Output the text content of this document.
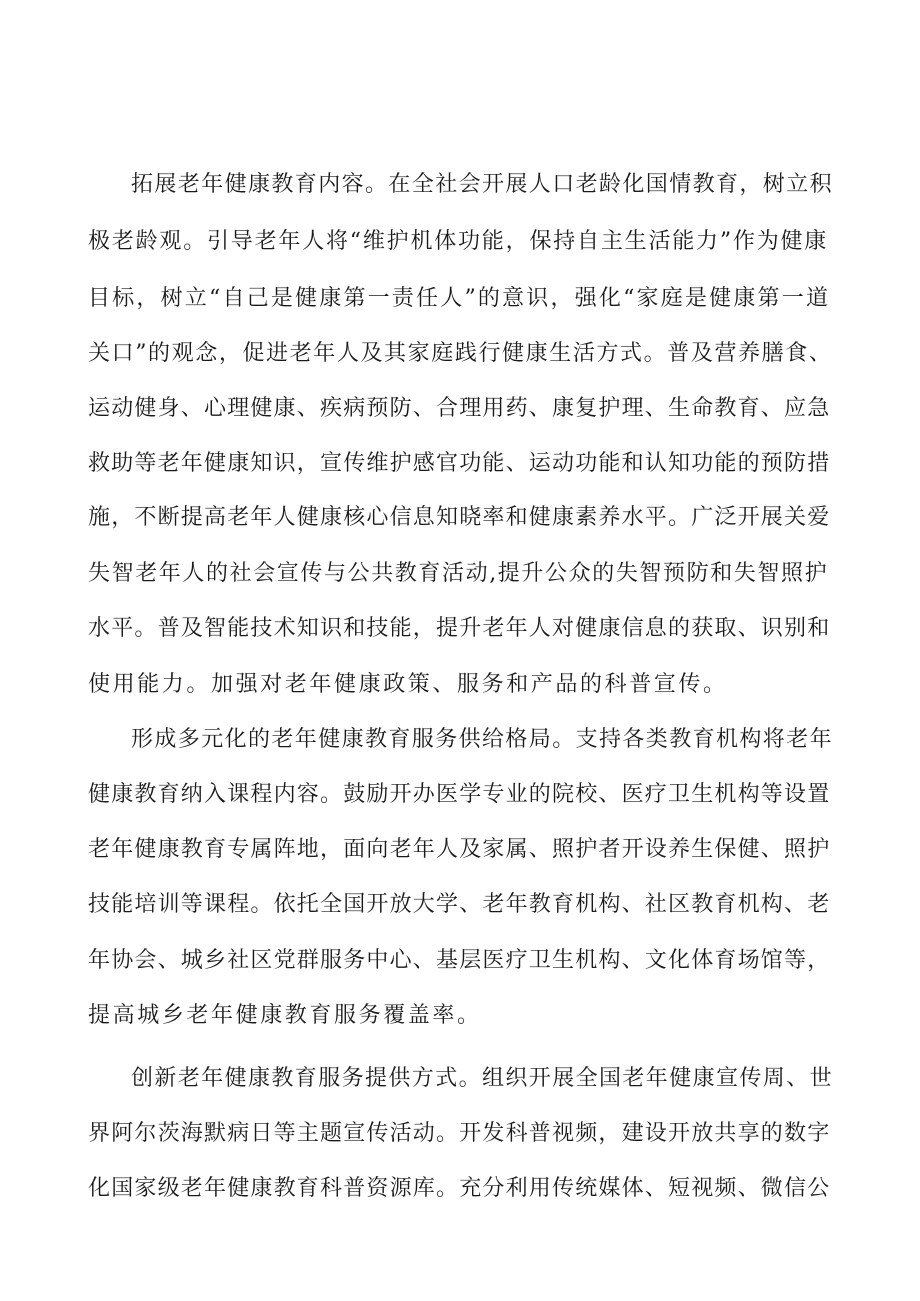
拓展老年健康教育内容。在全社会开展人口老龄化国情教育，树立积
极老龄观。引导老年人将“维护机体功能，保持自主生活能力”作为健康
目标，树立“自己是健康第一责任人”的意识，强化“家庭是健康第一道
关口”的观念，促进老年人及其家庭践行健康生活方式。普及营养膳食、
运动健身、心理健康、疾病预防、合理用药、康复护理、生命教育、应急
救助等老年健康知识，宣传维护感官功能、运动功能和认知功能的预防措
施，不断提高老年人健康核心信息知晓率和健康素养水平。广泛开展关爱
失智老年人的社会宣传与公共教育活动,提升公众的失智预防和失智照护
水平。普及智能技术知识和技能，提升老年人对健康信息的获取、识别和
使用能力。加强对老年健康政策、服务和产品的科普宣传。
形成多元化的老年健康教育服务供给格局。支持各类教育机构将老年
健康教育纳入课程内容。鼓励开办医学专业的院校、医疗卫生机构等设置
老年健康教育专属阵地，面向老年人及家属、照护者开设养生保健、照护
技能培训等课程。依托全国开放大学、老年教育机构、社区教育机构、老
年协会、城乡社区党群服务中心、基层医疗卫生机构、文化体育场馆等，
提高城乡老年健康教育服务覆盖率。
创新老年健康教育服务提供方式。组织开展全国老年健康宣传周、世
界阿尔茨海默病日等主题宣传活动。开发科普视频，建设开放共享的数字
化国家级老年健康教育科普资源库。充分利用传统媒体、短视频、微信公
